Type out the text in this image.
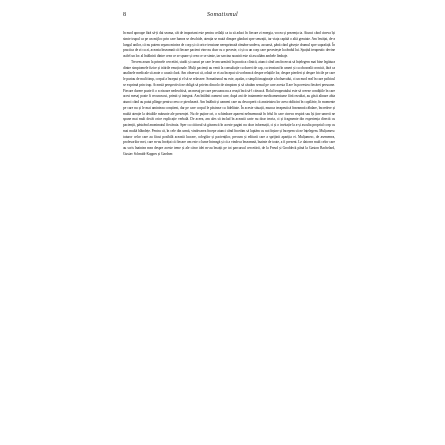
8	Somatismul

în mod aproape fără să-ți dai seama, cât de important este pentru ceilalți ca tu să aduci în fiecare zi energia, vocea și prezența ta. Atunci când cineva își simte trupul ca pe un mijloc prin care lumea se deschide, atenția se mută dinspre gânduri spre senzații, iar viața capătă o altă greutate. Am învățat, de-a lungul anilor, că nu putem separa mintea de corp și că orice tensiune neexprimată rămâne undeva, ascunsă, până când găsește drumul spre suprafață. În practica de zi cu zi, aceasta înseamnă că fiecare pacient vine nu doar cu o poveste, ci și cu un corp care povestește la rândul lui. Spațiul terapeutic devine astfel un loc al întâlnirii dintre ceea ce se spune și ceea ce se simte, iar sarcina noastră este să ascultăm ambele limbaje.

Trecem acum la primele cercetări, studii și cazuri pe care le-am urmărit în practica clinică, atunci când am încercat să înțelegem mai bine legătura dintre simptomele fizice și trăirile emoționale. Mulți pacienți au venit la consultație cu dureri de cap, cu tensiuni în umeri și cu oboseală cronică, fără ca analizele medicale să arate o cauză clară. Am observat că, odată ce ei au început să vorbească despre relațiile lor, despre pierderi și despre fricile pe care le purtau de mult timp, corpul a început și el să se relaxeze. Somatismul nu este, așadar, o simplă imaginație a bolnavului, ci un mod real în care psihicul se exprimă prin trup. Această perspectivă ne obligă să privim dincolo de simptom și să căutăm sensul pe care acesta îl are în povestea fiecărei persoane. Fiecare durere poate fi o scrisoare nedeschisă, un mesaj pe care persoana nu a reușit încă să-l citească. Rolul terapeutului este să creeze condițiile în care acest mesaj poate fi recunoscut, primit și integrat. Am întâlnit oameni care, după ani de tratamente medicamentoase fără rezultat, au găsit alinare abia atunci când au putut plânge pentru ceea ce pierduseră. Am întâlnit și oameni care au descoperit că anxietatea lor avea rădăcini în copilărie, în momente pe care nu și le mai aminteau conștient, dar pe care corpul le păstrase cu fidelitate. În aceste situații, munca terapeutică înseamnă răbdare, încredere și multă atenție la detaliile mărunte ale prezenței. Nu de puține ori, o schimbare aparent neînsemnată în felul în care cineva respiră sau își ține umerii ne spune mai mult decât orice explicație verbală. De aceea, am ales să includ în această carte nu doar teoria, ci și fragmente din experiența directă cu pacienții, păstrând anonimatul fiecăruia. Sper ca cititorul să găsească în aceste pagini nu doar informații, ci și o invitație la a-și asculta propriul corp cu mai multă blândețe. Pentru că, în cele din urmă, vindecarea începe atunci când încetăm să luptăm cu noi înșine și începem să ne înțelegem. Mulțumesc tuturor celor care au făcut posibilă această lucrare, colegilor și pacienților, precum și editurii care a sprijinit apariția ei. Mulțumesc, de asemenea, profesorilor mei, care m-au învățat că fiecare om este o lume întreagă și că a vindeca înseamnă, înainte de toate, a fi prezent. Le datorez mult celor care au scris înaintea mea despre aceste teme și ale căror idei m-au însoțit pe tot parcursul cercetării, de la Freud și Groddeck până la Gaston Bachelard, Gustav Schmidt-Kappes și Gardner.
